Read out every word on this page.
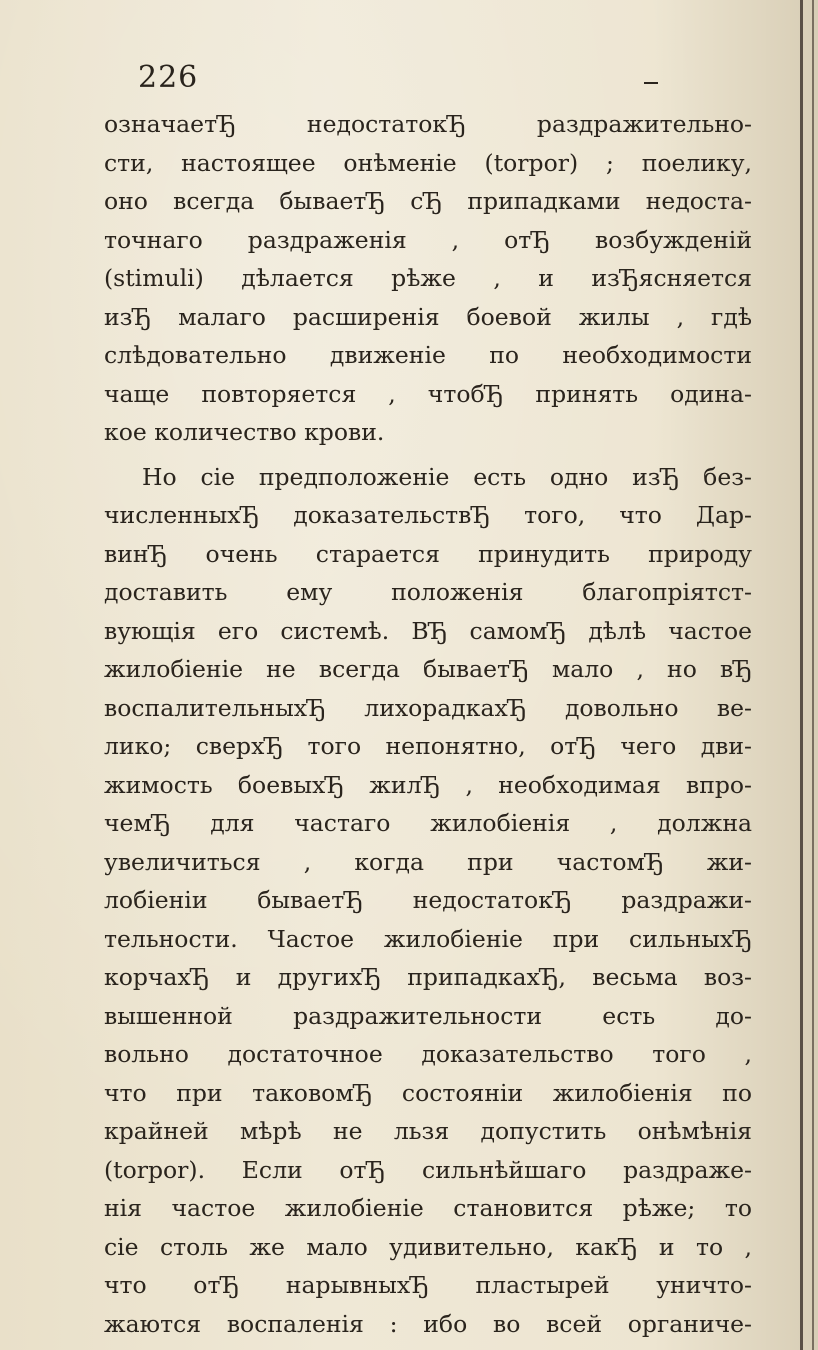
226
означаетЂ недостатокЂ раздражительно-
сти, настоящее онѣменіе (torpor) ; поелику,
оно всегда бываетЂ сЂ припадками недоста-
точнаго раздраженія , отЂ возбужденій
(stimuli) дѣлается рѣже , и изЂясняется
изЂ малаго расширенія боевой жилы , гдѣ
слѣдовательно движеніе по необходимости
чаще повторяется , чтобЂ принять одина-
кое количество крови.
Но сіе предположеніе есть одно изЂ без-
численныхЂ доказательствЂ того, что Дар-
винЂ очень старается принудить природу
доставить ему положенія благопріятст-
вующія его системѣ. ВЂ самомЂ дѣлѣ частое
жилобіеніе не всегда бываетЂ мало , но вЂ
воспалительныхЂ лихорадкахЂ довольно ве-
лико; сверхЂ того непонятно, отЂ чего дви-
жимость боевыхЂ жилЂ , необходимая впро-
чемЂ для частаго жилобіенія , должна
увеличиться , когда при частомЂ жи-
лобіеніи бываетЂ недостатокЂ раздражи-
тельности. Частое жилобіеніе при сильныхЂ
корчахЂ и другихЂ припадкахЂ, весьма воз-
вышенной раздражительности есть до-
вольно достаточное доказательство того ,
что при таковомЂ состояніи жилобіенія по
крайней мѣрѣ не льзя допустить онѣмѣнія
(torpor). Если отЂ сильнѣйшаго раздраже-
нія частое жилобіеніе становится рѣже; то
сіе столь же мало удивительно, какЂ и то ,
что отЂ нарывныхЂ пластырей уничто-
жаются воспаленія : ибо во всей органиче-
